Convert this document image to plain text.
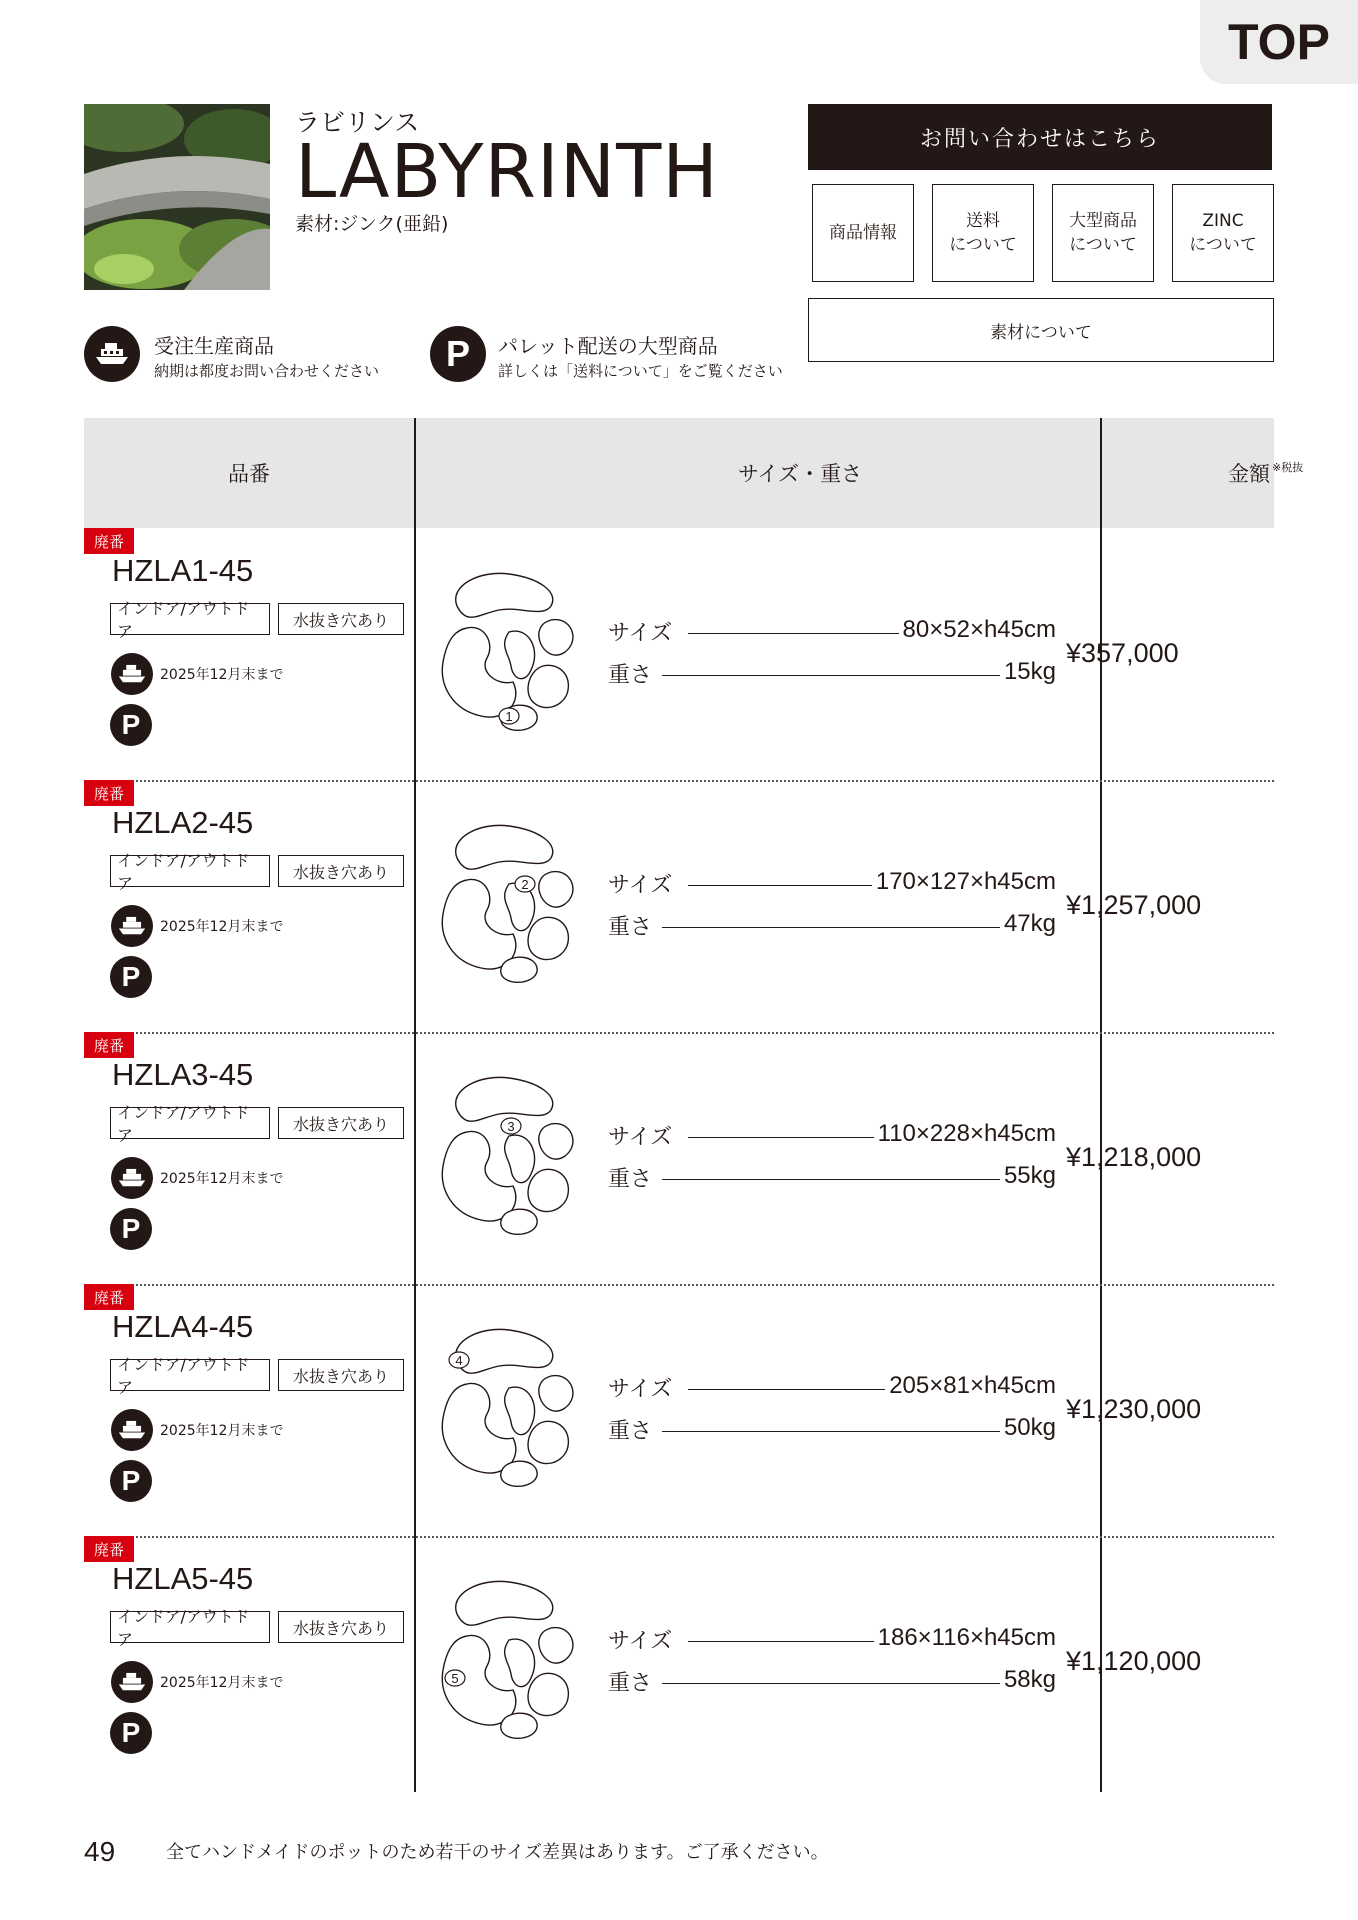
TOP
ラビリンス
LABYRINTH
素材:ジンク(亜鉛)
お問い合わせはこちら
商品情報
送料
について
大型商品
について
ZINC
について
素材について
受注生産商品
納期は都度お問い合わせください	P	パレット配送の大型商品
詳しくは「送料について」をご覧ください
品番	サイズ・重さ	金額$^{※税抜}$
廃番
HZLA1-45
インドア/アウトドア
水抜き穴あり
2025年12月末まで
P	1
サイズ	80×52×h45cm
重さ	15kg
¥357,000
廃番
HZLA2-45
インドア/アウトドア
水抜き穴あり
2025年12月末まで
P
2	サイズ	170×127×h45cm
重さ	47kg
¥1,257,000
廃番
HZLA3-45
インドア/アウトドア
水抜き穴あり
2025年12月末まで
P
3	サイズ	110×228×h45cm
重さ	55kg
¥1,218,000
廃番
HZLA4-45
インドア/アウトドア
水抜き穴あり
2025年12月末まで
P
4
サイズ	205×81×h45cm
重さ	50kg
¥1,230,000
廃番
HZLA5-45
インドア/アウトドア
水抜き穴あり
2025年12月末まで
P
5
サイズ	186×116×h45cm
重さ	58kg
¥1,120,000
49	全てハンドメイドのポットのため若干のサイズ差異はあります。ご了承ください。
